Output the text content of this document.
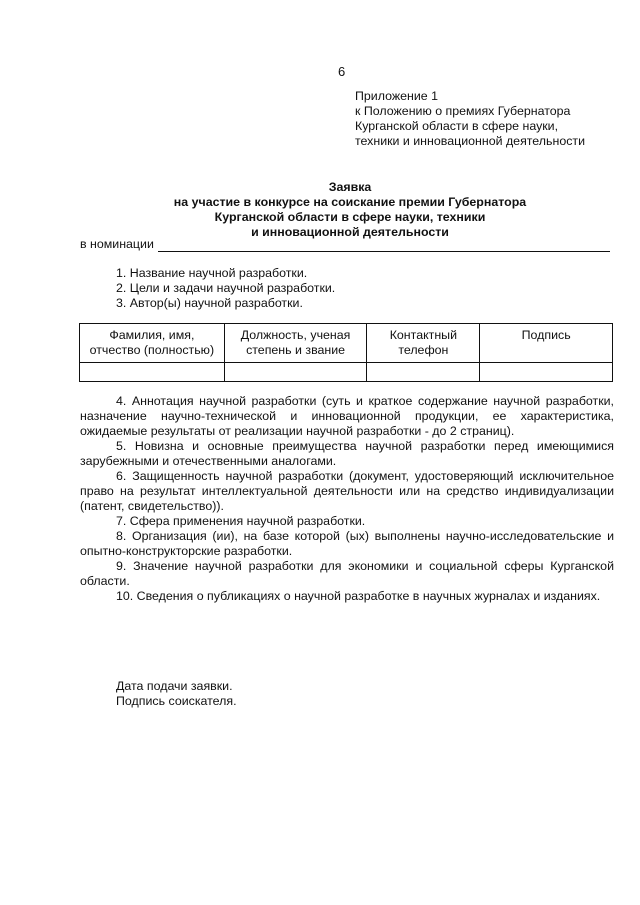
6
Приложение 1
к Положению о премиях Губернатора
Курганской области в сфере науки,
техники и инновационной деятельности
Заявка
на участие в конкурсе на соискание премии Губернатора
Курганской области в сфере науки, техники
и инновационной деятельности
в номинации
1. Название научной разработки.
2. Цели и задачи научной разработки.
3. Автор(ы) научной разработки.
Фамилия, имя, отчество (полностью)	Должность, ученая степень и звание	Контактный телефон	Подпись

4. Аннотация научной разработки (суть и краткое содержание научной разработки, назначение научно-технической и инновационной продукции, ее характеристика, ожидаемые результаты от реализации научной разработки - до 2 страниц).

5. Новизна и основные преимущества научной разработки перед имеющимися зарубежными и отечественными аналогами.

6. Защищенность научной разработки (документ, удостоверяющий исключительное право на результат интеллектуальной деятельности или на средство индивидуализации (патент, свидетельство)).

7. Сфера применения научной разработки.

8. Организация (ии), на базе которой (ых) выполнены научно-исследовательские и опытно-конструкторские разработки.

9. Значение научной разработки для экономики и социальной сферы Курганской области.

10. Сведения о публикациях о научной разработке в научных журналах и изданиях.

Дата подачи заявки.
Подпись соискателя.
